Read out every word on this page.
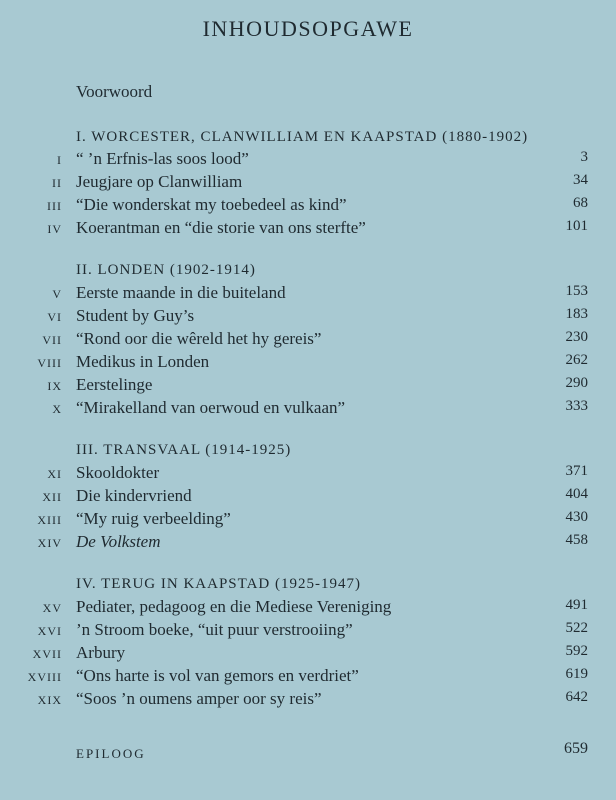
INHOUDSOPGAWE
Voorwoord
I. WORCESTER, CLANWILLIAM EN KAAPSTAD (1880-1902)
I “ ’n Erfnis-las soos lood”	3
II Jeugjare op Clanwilliam	34
III “Die wonderskat my toebedeel as kind”	68
IV Koerantman en “die storie van ons sterfte”	101
II. LONDEN (1902-1914)
V Eerste maande in die buiteland	153
VI Student by Guy’s	183
VII “Rond oor die wêreld het hy gereis”	230
VIII Medikus in Londen	262
IX Eerstelinge	290
X “Mirakelland van oerwoud en vulkaan”	333
III. TRANSVAAL (1914-1925)
XI Skooldokter	371
XII Die kindervriend	404
XIII “My ruig verbeelding”	430
XIV De Volkstem	458
IV. TERUG IN KAAPSTAD (1925-1947)
XV Pediater, pedagoog en die Mediese Vereniging	491
XVI ’n Stroom boeke, “uit puur verstrooiing”	522
XVII Arbury	592
XVIII “Ons harte is vol van gemors en verdriet”	619
XIX “Soos ’n oumens amper oor sy reis”	642
EPILOOG	659
